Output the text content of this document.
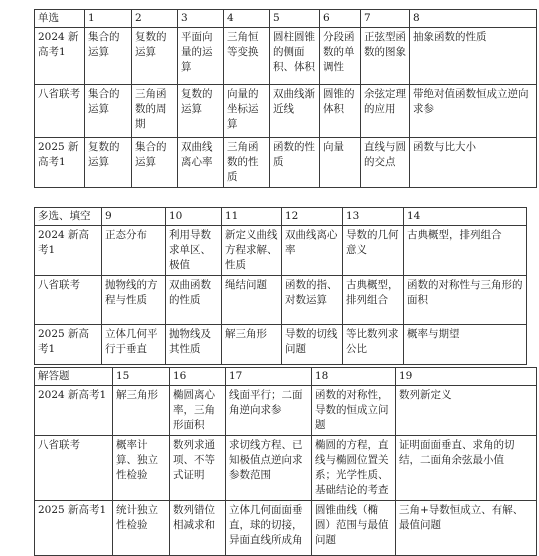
单选	1	2	3	4	5	6	7	8
2024 新高考1	集合的运算	复数的运算	平面向量的运算	三角恒等变换	圆柱圆锥的侧面积、体积	分段函数的单调性	正弦型函数的图象	抽象函数的性质
八省联考	集合的运算	三角函数的周期	复数的运算	向量的坐标运算	双曲线渐近线	圆锥的体积	余弦定理的应用	带绝对值函数恒成立逆向求参
2025 新高考1	复数的运算	集合的运算	双曲线离心率	三角函数的性质	函数的性质	向量	直线与圆的交点	函数与比大小
多选、填空	9	10	11	12	13	14
2024 新高考1	正态分布	利用导数求单区、极值	新定义曲线方程求解、性质	双曲线离心率	导数的几何意义	古典概型，排列组合
八省联考	抛物线的方程与性质	双曲函数的性质	绳结问题	函数的指、对数运算	古典概型，排列组合	函数的对称性与三角形的面积
2025 新高考1	立体几何平行于垂直	抛物线及其性质	解三角形	导数的切线问题	等比数列求公比	概率与期望
解答题	15	16	17	18	19
2024 新高考1	解三角形	椭圆离心率，三角形面积	线面平行；二面角逆向求参	函数的对称性，导数的恒成立问题	数列新定义
八省联考	概率计算、独立性检验	数列求通项、不等式证明	求切线方程、已知极值点逆向求参数范围	椭圆的方程，直线与椭圆位置关系；光学性质、基础结论的考查	证明面面垂直、求角的切结，二面角余弦最小值
2025 新高考1	统计独立性检验	数列错位相减求和	立体几何面面垂直，球的切接，异面直线所成角	圆锥曲线（椭圆）范围与最值问题	三角+导数恒成立、有解、最值问题
